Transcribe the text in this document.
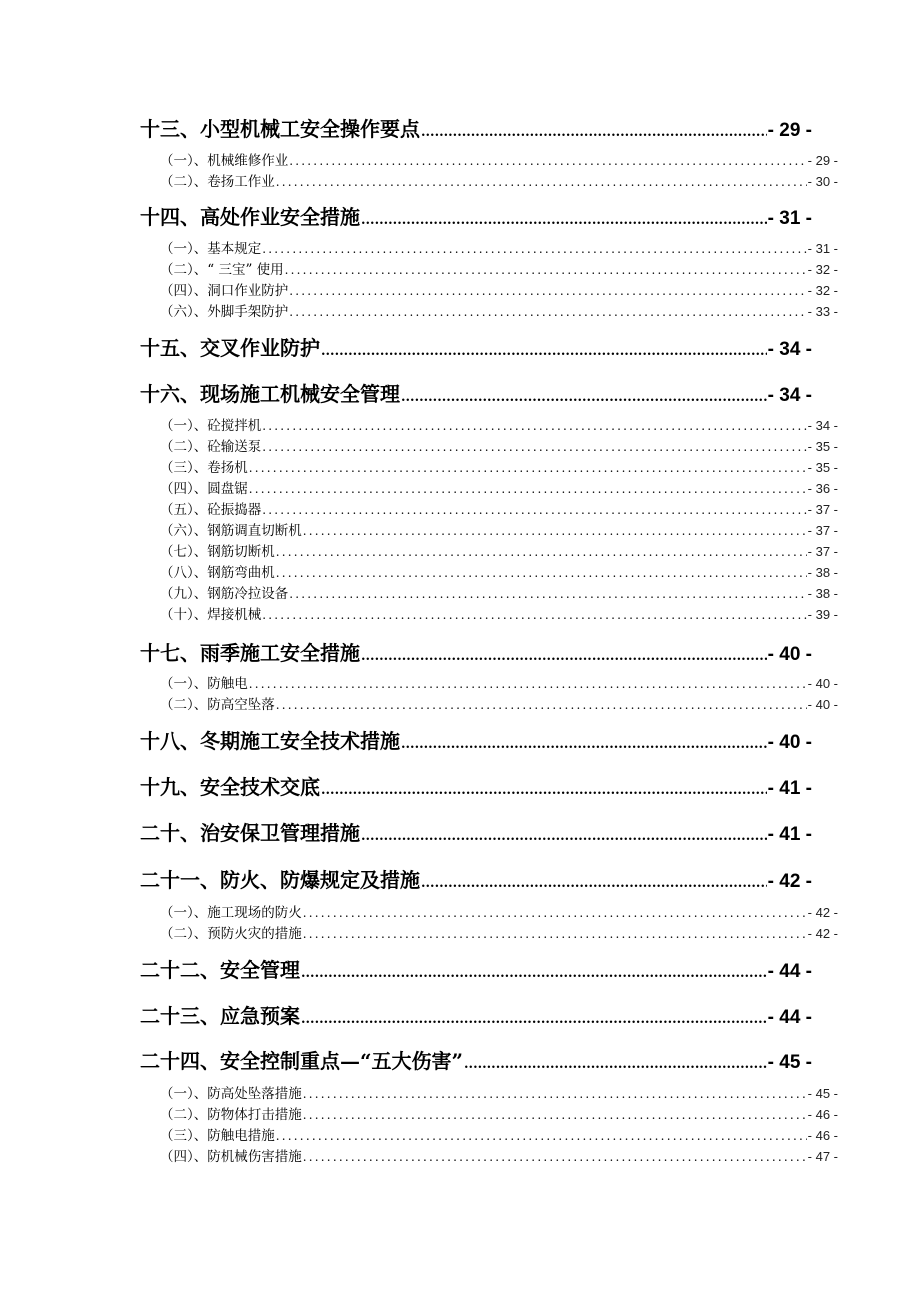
十三、小型机械工安全操作要点 .....	- 29 -
（一）、机械维修作业 .....	- 29 -
（二）、卷扬工作业 .....	- 30 -
十四、高处作业安全措施 .....	- 31 -
（一）、基本规定 .....	- 31 -
（二）、“ 三宝” 使用 .....	- 32 -
（四）、洞口作业防护 .....	- 32 -
（六）、外脚手架防护 .....	- 33 -
十五、交叉作业防护 .....	- 34 -
十六、现场施工机械安全管理 .....	- 34 -
（一）、砼搅拌机 .....	- 34 -
（二）、砼输送泵 .....	- 35 -
（三）、卷扬机 .....	- 35 -
（四）、圆盘锯 .....	- 36 -
（五）、砼振捣器 .....	- 37 -
（六）、钢筋调直切断机 .....	- 37 -
（七）、钢筋切断机 .....	- 37 -
（八）、钢筋弯曲机 .....	- 38 -
（九）、钢筋冷拉设备 .....	- 38 -
（十）、焊接机械 .....	- 39 -
十七、雨季施工安全措施 .....	- 40 -
（一）、防触电 .....	- 40 -
（二）、防高空坠落 .....	- 40 -
十八、冬期施工安全技术措施 .....	- 40 -
十九、安全技术交底 .....	- 41 -
二十、治安保卫管理措施 .....	- 41 -
二十一、防火、防爆规定及措施 .....	- 42 -
（一）、施工现场的防火 .....	- 42 -
（二）、预防火灾的措施 .....	- 42 -
二十二、安全管理 .....	- 44 -
二十三、应急预案 .....	- 44 -
二十四、安全控制重点—“五大伤害” .....	- 45 -
（一）、防高处坠落措施 .....	- 45 -
（二）、防物体打击措施 .....	- 46 -
（三）、防触电措施 .....	- 46 -
（四）、防机械伤害措施 .....	- 47 -
